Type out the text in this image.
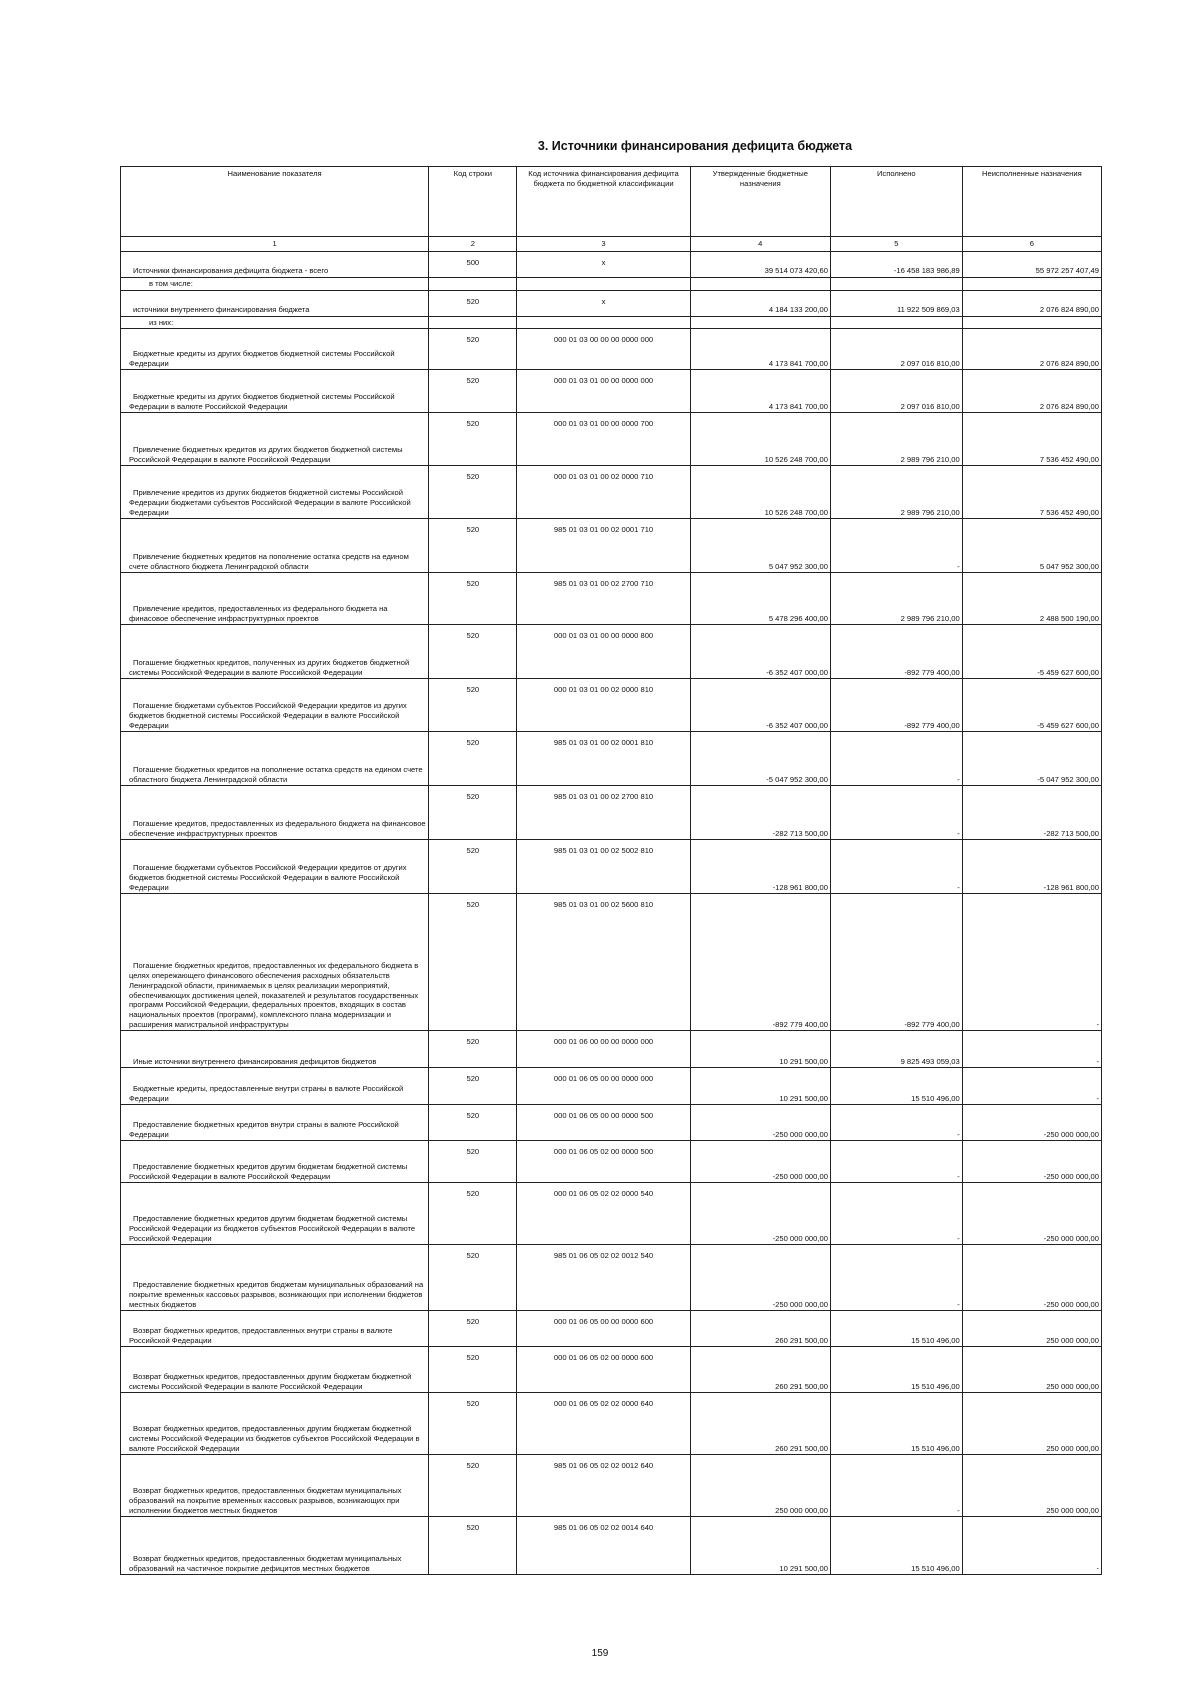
3. Источники финансирования дефицита бюджета
Наименование показателя	Код строки	Код источника финансирования дефицита бюджета по бюджетной классификации	Утвержденные бюджетные назначения	Исполнено	Неисполненные назначения
1	2	3	4	5	6

Источники финансирования дефицита бюджета - всего	500	x	39 514 073 420,60	-16 458 183 986,89	55 972 257 407,49
в том числе:					

источники внутреннего финансирования бюджета	520	x	4 184 133 200,00	11 922 509 869,03	2 076 824 890,00
из них:					

Бюджетные кредиты из других бюджетов бюджетной системы Российской Федерации	520	000 01 03 00 00 00 0000 000	4 173 841 700,00	2 097 016 810,00	2 076 824 890,00

Бюджетные кредиты из других бюджетов бюджетной системы Российской Федерации в валюте Российской Федерации	520	000 01 03 01 00 00 0000 000	4 173 841 700,00	2 097 016 810,00	2 076 824 890,00

Привлечение бюджетных кредитов из других бюджетов бюджетной системы Российской Федерации в валюте Российской Федерации	520	000 01 03 01 00 00 0000 700	10 526 248 700,00	2 989 796 210,00	7 536 452 490,00

Привлечение кредитов из других бюджетов бюджетной системы Российской Федерации бюджетами субъектов Российской Федерации в валюте Российской Федерации	520	000 01 03 01 00 02 0000 710	10 526 248 700,00	2 989 796 210,00	7 536 452 490,00

Привлечение бюджетных кредитов на пополнение остатка средств на едином счете областного бюджета Ленинградской области	520	985 01 03 01 00 02 0001 710	5 047 952 300,00	-	5 047 952 300,00

Привлечение кредитов, предоставленных из федерального бюджета на финасовое обеспечение инфраструктурных проектов	520	985 01 03 01 00 02 2700 710	5 478 296 400,00	2 989 796 210,00	2 488 500 190,00

Погашение бюджетных кредитов, полученных из других бюджетов бюджетной системы Российской Федерации в валюте Российской Федерации	520	000 01 03 01 00 00 0000 800	-6 352 407 000,00	-892 779 400,00	-5 459 627 600,00

Погашение бюджетами субъектов Российской Федерации кредитов из других бюджетов бюджетной системы Российской Федерации в валюте Российской Федерации	520	000 01 03 01 00 02 0000 810	-6 352 407 000,00	-892 779 400,00	-5 459 627 600,00

Погашение бюджетных кредитов на пополнение остатка средств на едином счете областного бюджета Ленинградской области	520	985 01 03 01 00 02 0001 810	-5 047 952 300,00	-	-5 047 952 300,00

Погашение кредитов, предоставленных из федерального бюджета на финансовое обеспечение инфраструктурных проектов	520	985 01 03 01 00 02 2700 810	-282 713 500,00	-	-282 713 500,00

Погашение бюджетами субъектов Российской Федерации кредитов от других бюджетов бюджетной системы Российской Федерации в валюте Российской Федерации	520	985 01 03 01 00 02 5002 810	-128 961 800,00	-	-128 961 800,00

Погашение бюджетных кредитов, предоставленных их федерального бюджета в целях опережающего финансового обеспечения расходных обязательств Ленинградской области, принимаемых в целях реализации мероприятий, обеспечивающих достижения целей, показателей и результатов государственных программ Российской Федерации, федеральных проектов, входящих в состав национальных проектов (программ), комплексного плана модернизации и расширения магистральной инфраструктуры	520	985 01 03 01 00 02 5600 810	-892 779 400,00	-892 779 400,00	-

Иные источники внутреннего финансирования дефицитов бюджетов	520	000 01 06 00 00 00 0000 000	10 291 500,00	9 825 493 059,03	-

Бюджетные кредиты, предоставленные внутри страны в валюте Российской Федерации	520	000 01 06 05 00 00 0000 000	10 291 500,00	15 510 496,00	-

Предоставление бюджетных кредитов внутри страны в валюте Российской Федерации	520	000 01 06 05 00 00 0000 500	-250 000 000,00	-	-250 000 000,00

Предоставление бюджетных кредитов другим бюджетам бюджетной системы Российской Федерации в валюте Российской Федерации	520	000 01 06 05 02 00 0000 500	-250 000 000,00	-	-250 000 000,00

Предоставление бюджетных кредитов другим бюджетам бюджетной системы Российской Федерации из бюджетов субъектов Российской Федерации в валюте Российской Федерации	520	000 01 06 05 02 02 0000 540	-250 000 000,00	-	-250 000 000,00

Предоставление бюджетных кредитов бюджетам муниципальных образований на покрытие временных кассовых разрывов, возникающих при исполнении бюджетов местных бюджетов	520	985 01 06 05 02 02 0012 540	-250 000 000,00	-	-250 000 000,00

Возврат бюджетных кредитов, предоставленных внутри страны в валюте Российской Федерации	520	000 01 06 05 00 00 0000 600	260 291 500,00	15 510 496,00	250 000 000,00

Возврат бюджетных кредитов, предоставленных другим бюджетам бюджетной системы Российской Федерации в валюте Российской Федерации	520	000 01 06 05 02 00 0000 600	260 291 500,00	15 510 496,00	250 000 000,00

Возврат бюджетных кредитов, предоставленных другим бюджетам бюджетной системы Российской Федерации из бюджетов субъектов Российской Федерации в валюте Российской Федерации	520	000 01 06 05 02 02 0000 640	260 291 500,00	15 510 496,00	250 000 000,00

Возврат бюджетных кредитов, предоставленных бюджетам муниципальных образований на покрытие временных кассовых разрывов, возникающих при исполнении бюджетов местных бюджетов	520	985 01 06 05 02 02 0012 640	250 000 000,00	-	250 000 000,00

Возврат бюджетных кредитов, предоставленных бюджетам муниципальных образований на частичное покрытие дефицитов местных бюджетов	520	985 01 06 05 02 02 0014 640	10 291 500,00	15 510 496,00	-
159
